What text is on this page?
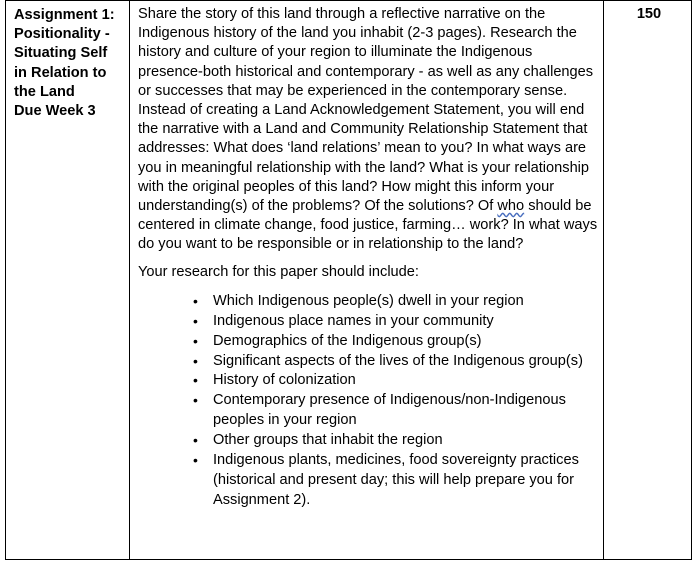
Assignment 1:
Positionality -
Situating Self
in Relation to
the Land
Due Week 3

Share the story of this land through a reflective narrative on the Indigenous history of the land you inhabit (2-3 pages). Research the history and culture of your region to illuminate the Indigenous presence-both historical and contemporary - as well as any challenges or successes that may be experienced in the contemporary sense. Instead of creating a Land Acknowledgement Statement, you will end the narrative with a Land and Community Relationship Statement that addresses: What does ‘land relations’ mean to you? In what ways are you in meaningful relationship with the land? What is your relationship with the original peoples of this land? How might this inform your understanding(s) of the problems? Of the solutions? Of who should be centered in climate change, food justice, farming… work? In what ways do you want to be responsible or in relationship to the land?

Your research for this paper should include:

• Which Indigenous people(s) dwell in your region
• Indigenous place names in your community
• Demographics of the Indigenous group(s)
• Significant aspects of the lives of the Indigenous group(s)
• History of colonization
• Contemporary presence of Indigenous/non-Indigenous peoples in your region
• Other groups that inhabit the region
• Indigenous plants, medicines, food sovereignty practices (historical and present day; this will help prepare you for Assignment 2).
150
